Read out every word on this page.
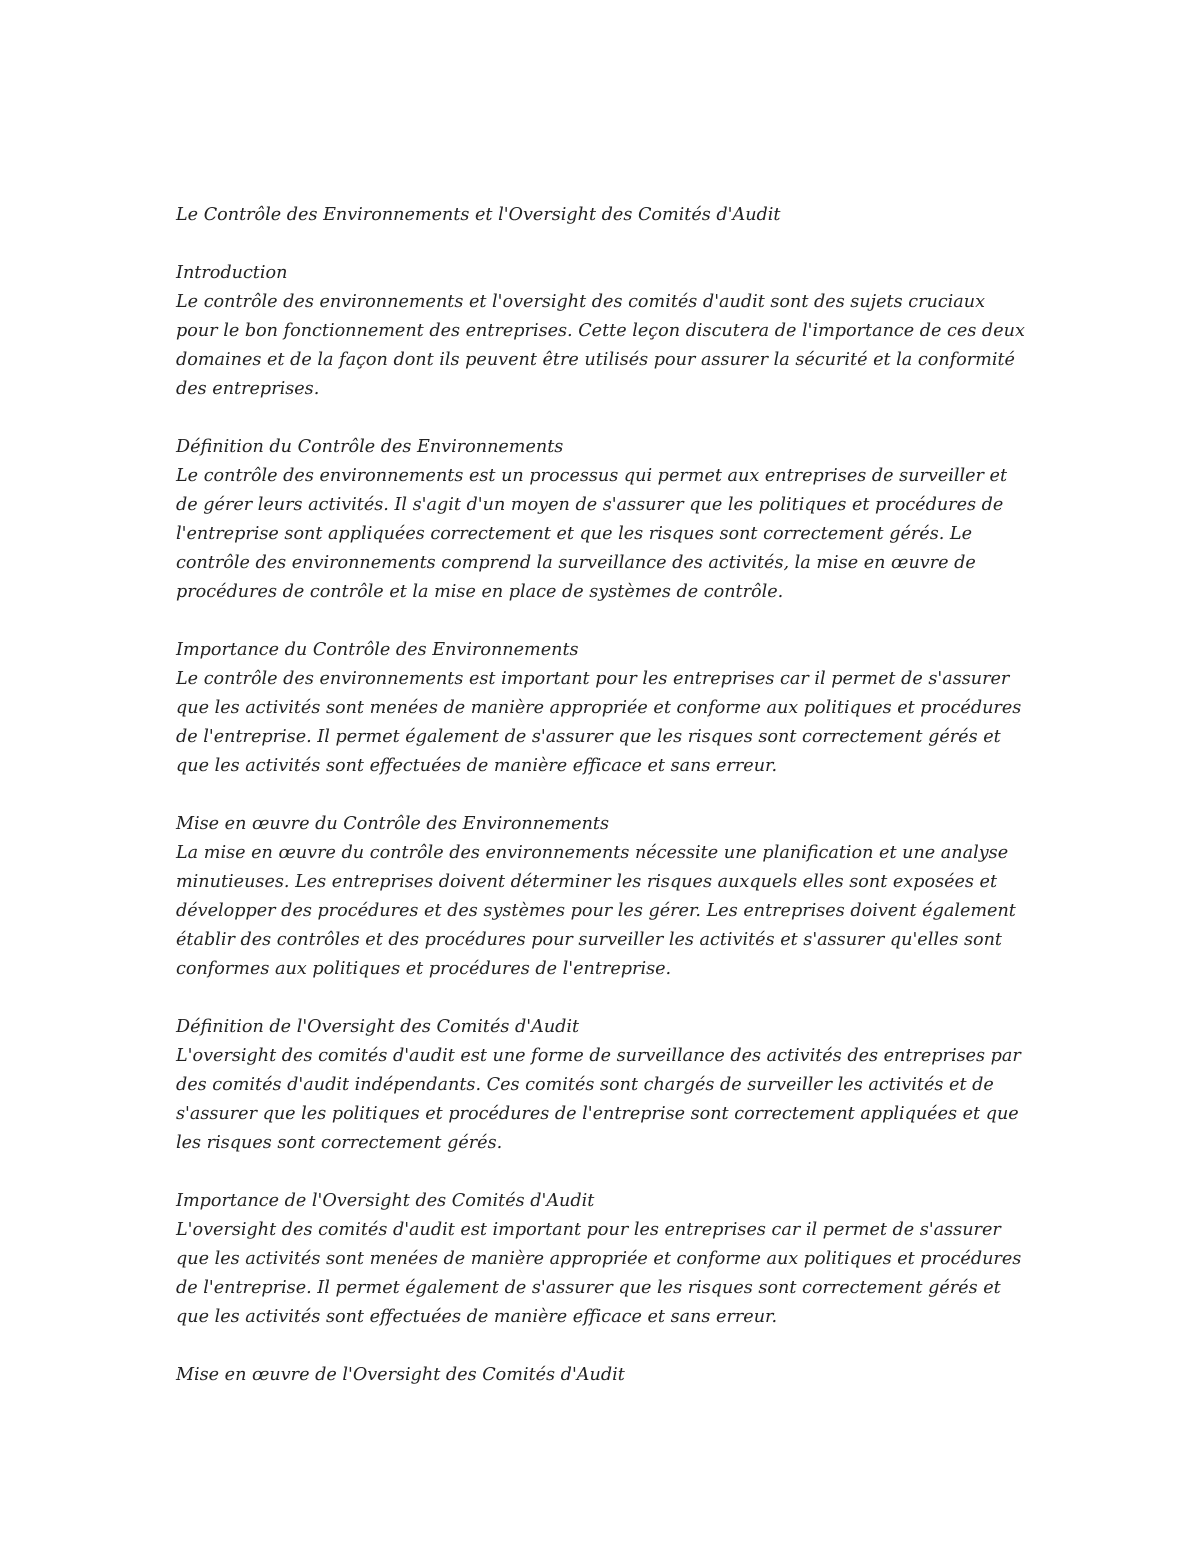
Le Contrôle des Environnements et l'Oversight des Comités d'Audit
Introduction

Le contrôle des environnements et l'oversight des comités d'audit sont des sujets cruciaux pour le bon fonctionnement des entreprises. Cette leçon discutera de l'importance de ces deux domaines et de la façon dont ils peuvent être utilisés pour assurer la sécurité et la conformité des entreprises.

Définition du Contrôle des Environnements

Le contrôle des environnements est un processus qui permet aux entreprises de surveiller et de gérer leurs activités. Il s'agit d'un moyen de s'assurer que les politiques et procédures de l'entreprise sont appliquées correctement et que les risques sont correctement gérés. Le contrôle des environnements comprend la surveillance des activités, la mise en œuvre de procédures de contrôle et la mise en place de systèmes de contrôle.

Importance du Contrôle des Environnements

Le contrôle des environnements est important pour les entreprises car il permet de s'assurer que les activités sont menées de manière appropriée et conforme aux politiques et procédures de l'entreprise. Il permet également de s'assurer que les risques sont correctement gérés et que les activités sont effectuées de manière efficace et sans erreur.

Mise en œuvre du Contrôle des Environnements

La mise en œuvre du contrôle des environnements nécessite une planification et une analyse minutieuses. Les entreprises doivent déterminer les risques auxquels elles sont exposées et développer des procédures et des systèmes pour les gérer. Les entreprises doivent également établir des contrôles et des procédures pour surveiller les activités et s'assurer qu'elles sont conformes aux politiques et procédures de l'entreprise.

Définition de l'Oversight des Comités d'Audit

L'oversight des comités d'audit est une forme de surveillance des activités des entreprises par des comités d'audit indépendants. Ces comités sont chargés de surveiller les activités et de s'assurer que les politiques et procédures de l'entreprise sont correctement appliquées et que les risques sont correctement gérés.

Importance de l'Oversight des Comités d'Audit

L'oversight des comités d'audit est important pour les entreprises car il permet de s'assurer que les activités sont menées de manière appropriée et conforme aux politiques et procédures de l'entreprise. Il permet également de s'assurer que les risques sont correctement gérés et que les activités sont effectuées de manière efficace et sans erreur.

Mise en œuvre de l'Oversight des Comités d'Audit
